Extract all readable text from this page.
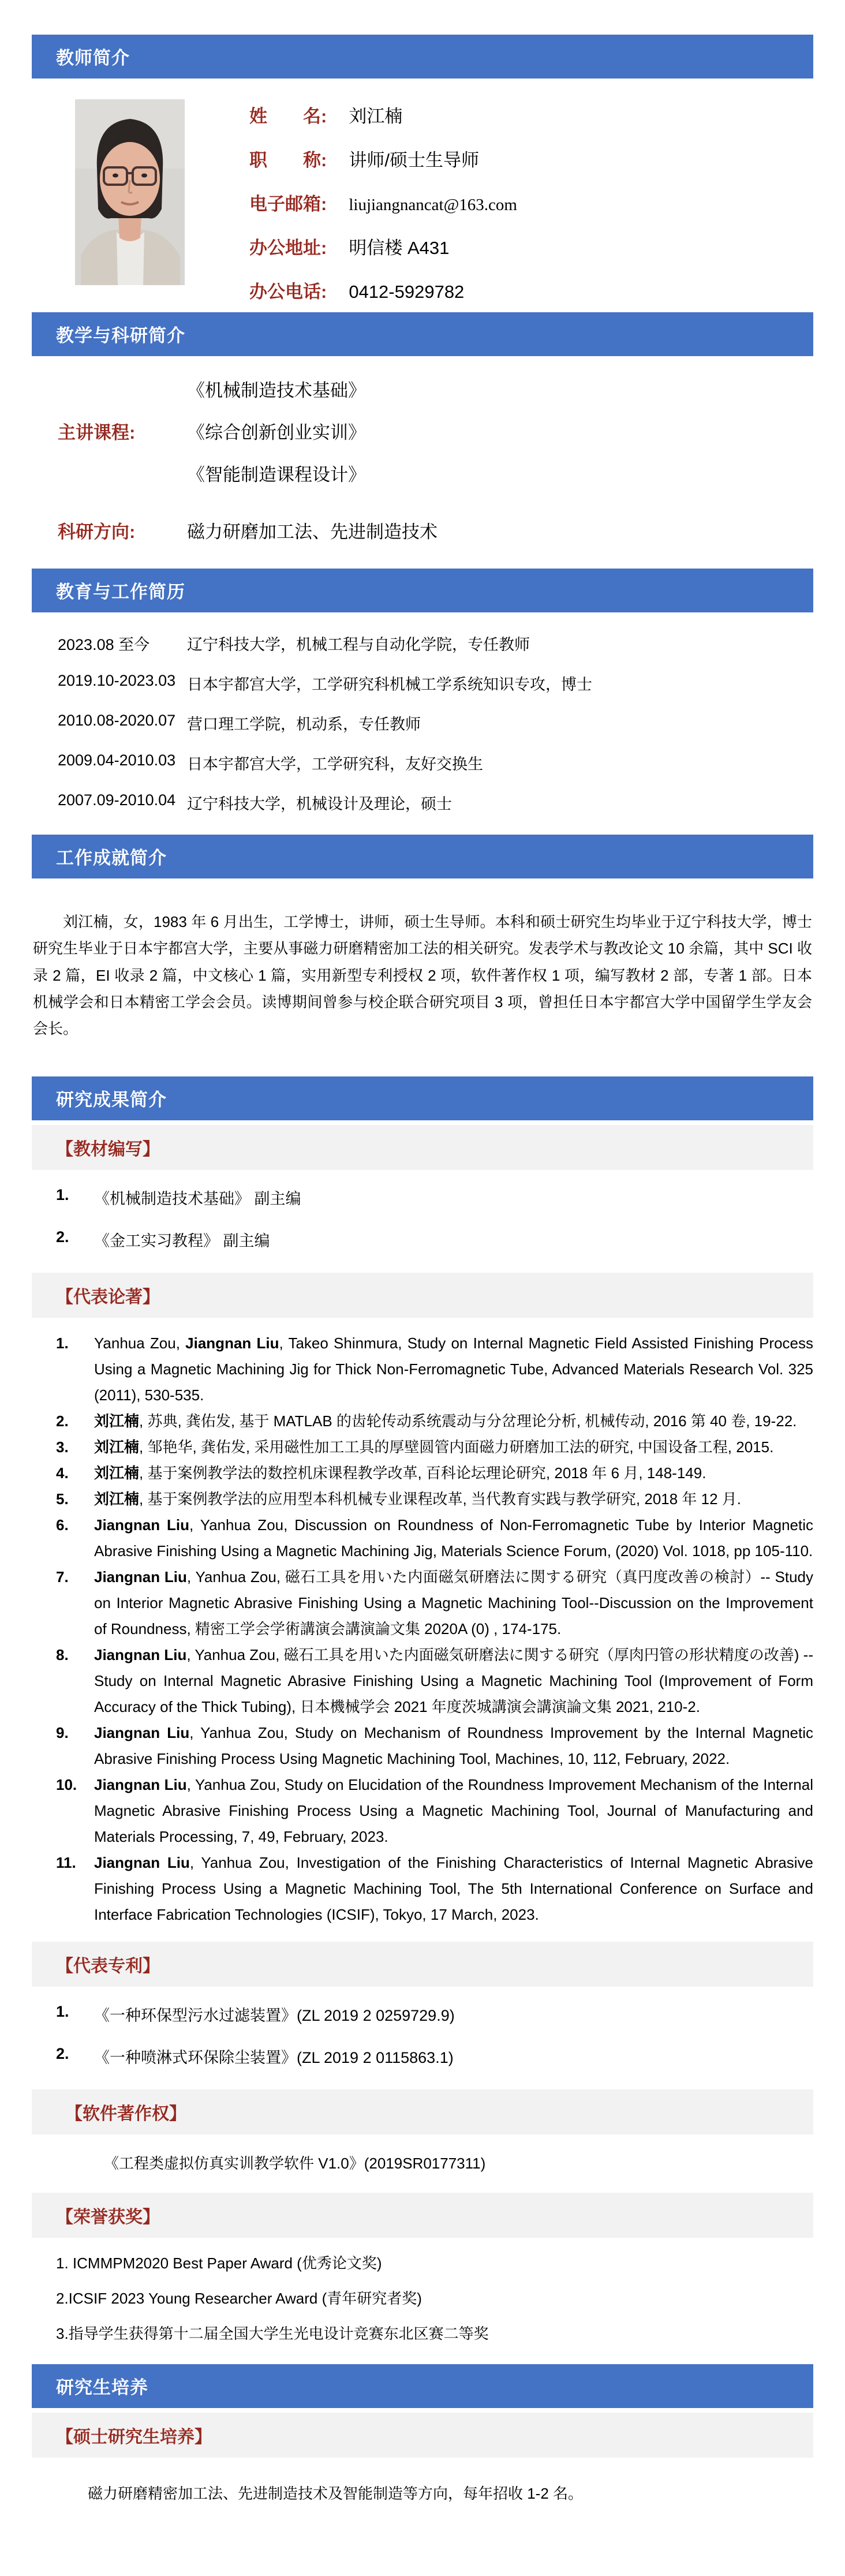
教师简介
姓　　名: 刘江楠
职　　称: 讲师/硕士生导师
电子邮箱: liujiangnancat@163.com
办公地址: 明信楼 A431
办公电话: 0412-5929782
教学与科研简介
主讲课程:
《机械制造技术基础》
《综合创新创业实训》
《智能制造课程设计》
科研方向:	磁力研磨加工法、先进制造技术
教育与工作简历
2023.08 至今	辽宁科技大学，机械工程与自动化学院，专任教师
2019.10-2023.03 日本宇都宫大学，工学研究科机械工学系统知识专攻，博士
2010.08-2020.07 营口理工学院，机动系，专任教师
2009.04-2010.03 日本宇都宫大学，工学研究科，友好交换生
2007.09-2010.04 辽宁科技大学，机械设计及理论，硕士
工作成就简介

刘江楠，女，1983 年 6 月出生，工学博士，讲师，硕士生导师。本科和硕士研究生均毕业于辽宁科技大学，博士研究生毕业于日本宇都宫大学，主要从事磁力研磨精密加工法的相关研究。发表学术与教改论文 10 余篇，其中 SCI 收录 2 篇，EI 收录 2 篇，中文核心 1 篇，实用新型专利授权 2 项，软件著作权 1 项，编写教材 2 部，专著 1 部。日本机械学会和日本精密工学会会员。读博期间曾参与校企联合研究项目 3 项，曾担任日本宇都宫大学中国留学生学友会会长。

研究成果简介
【教材编写】
1.	《机械制造技术基础》 副主编
2.	《金工实习教程》 副主编
【代表论著】
1.	Yanhua Zou, Jiangnan Liu, Takeo Shinmura, Study on Internal Magnetic Field Assisted Finishing Process Using a Magnetic Machining Jig for Thick Non-Ferromagnetic Tube, Advanced Materials Research Vol. 325 (2011), 530-535.
2.	刘江楠, 苏典, 龚佑发, 基于 MATLAB 的齿轮传动系统震动与分岔理论分析, 机械传动, 2016 第 40 卷, 19-22.
3.	刘江楠, 邹艳华, 龚佑发, 采用磁性加工工具的厚壁圆管内面磁力研磨加工法的研究, 中国设备工程, 2015.
4.	刘江楠, 基于案例教学法的数控机床课程教学改革, 百科论坛理论研究, 2018 年 6 月, 148-149.
5.	刘江楠, 基于案例教学法的应用型本科机械专业课程改革, 当代教育实践与教学研究, 2018 年 12 月.
6.	Jiangnan Liu, Yanhua Zou, Discussion on Roundness of Non-Ferromagnetic Tube by Interior Magnetic Abrasive Finishing Using a Magnetic Machining Jig, Materials Science Forum, (2020) Vol. 1018, pp 105-110.
7.	Jiangnan Liu, Yanhua Zou, 磁石工具を用いた内面磁気研磨法に関する研究（真円度改善の検討）-- Study on Interior Magnetic Abrasive Finishing Using a Magnetic Machining Tool--Discussion on the Improvement of Roundness, 精密工学会学術講演会講演論文集 2020A (0) , 174-175.
8.	Jiangnan Liu, Yanhua Zou, 磁石工具を用いた内面磁気研磨法に関する研究（厚肉円管の形状精度の改善) -- Study on Internal Magnetic Abrasive Finishing Using a Magnetic Machining Tool (Improvement of Form Accuracy of the Thick Tubing), 日本機械学会 2021 年度茨城講演会講演論文集 2021, 210-2.
9.	Jiangnan Liu, Yanhua Zou, Study on Mechanism of Roundness Improvement by the Internal Magnetic Abrasive Finishing Process Using Magnetic Machining Tool, Machines, 10, 112, February, 2022.
10.	Jiangnan Liu, Yanhua Zou, Study on Elucidation of the Roundness Improvement Mechanism of the Internal Magnetic Abrasive Finishing Process Using a Magnetic Machining Tool, Journal of Manufacturing and Materials Processing, 7, 49, February, 2023.
11.	Jiangnan Liu, Yanhua Zou, Investigation of the Finishing Characteristics of Internal Magnetic Abrasive Finishing Process Using a Magnetic Machining Tool, The 5th International Conference on Surface and Interface Fabrication Technologies (ICSIF), Tokyo, 17 March, 2023.
【代表专利】
1.	《一种环保型污水过滤装置》(ZL 2019 2 0259729.9)
2.	《一种喷淋式环保除尘装置》(ZL 2019 2 0115863.1)
【软件著作权】
《工程类虚拟仿真实训教学软件 V1.0》(2019SR0177311)
【荣誉获奖】
1. ICMMPM2020 Best Paper Award (优秀论文奖)
2.ICSIF 2023 Young Researcher Award (青年研究者奖)
3.指导学生获得第十二届全国大学生光电设计竞赛东北区赛二等奖
研究生培养
【硕士研究生培养】
磁力研磨精密加工法、先进制造技术及智能制造等方向，每年招收 1-2 名。
